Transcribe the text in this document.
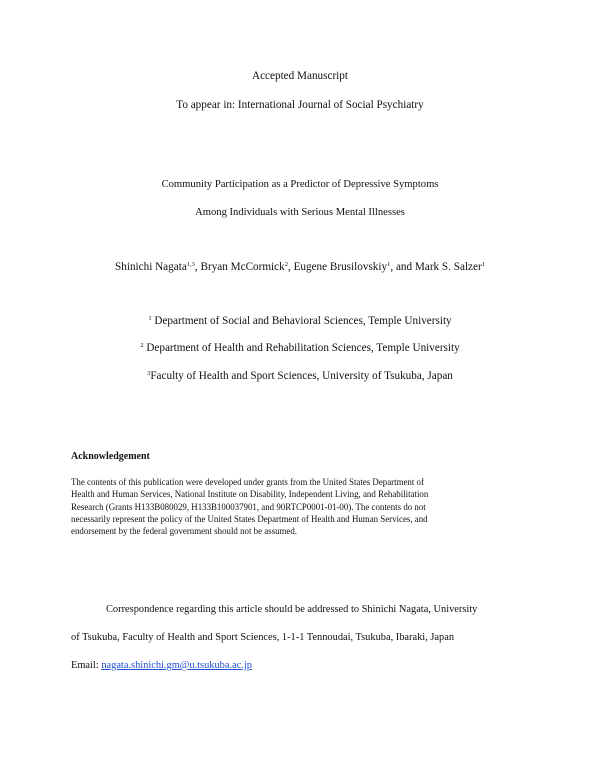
Accepted Manuscript
To appear in: International Journal of Social Psychiatry
Community Participation as a Predictor of Depressive Symptoms
Among Individuals with Serious Mental Illnesses
Shinichi Nagata$^{1,3}$, Bryan McCormick$^2$, Eugene Brusilovskiy$^1$, and Mark S. Salzer$^1$
$^1$ Department of Social and Behavioral Sciences, Temple University
$^2$ Department of Health and Rehabilitation Sciences, Temple University
$^3$Faculty of Health and Sport Sciences, University of Tsukuba, Japan
Acknowledgement
The contents of this publication were developed under grants from the United States Department of
Health and Human Services, National Institute on Disability, Independent Living, and Rehabilitation
Research (Grants H133B080029, H133B100037901, and 90RTCP0001-01-00). The contents do not
necessarily represent the policy of the United States Department of Health and Human Services, and
endorsement by the federal government should not be assumed.
Correspondence regarding this article should be addressed to Shinichi Nagata, University
of Tsukuba, Faculty of Health and Sport Sciences, 1-1-1 Tennoudai, Tsukuba, Ibaraki, Japan
Email: nagata.shinichi.gm@u.tsukuba.ac.jp
